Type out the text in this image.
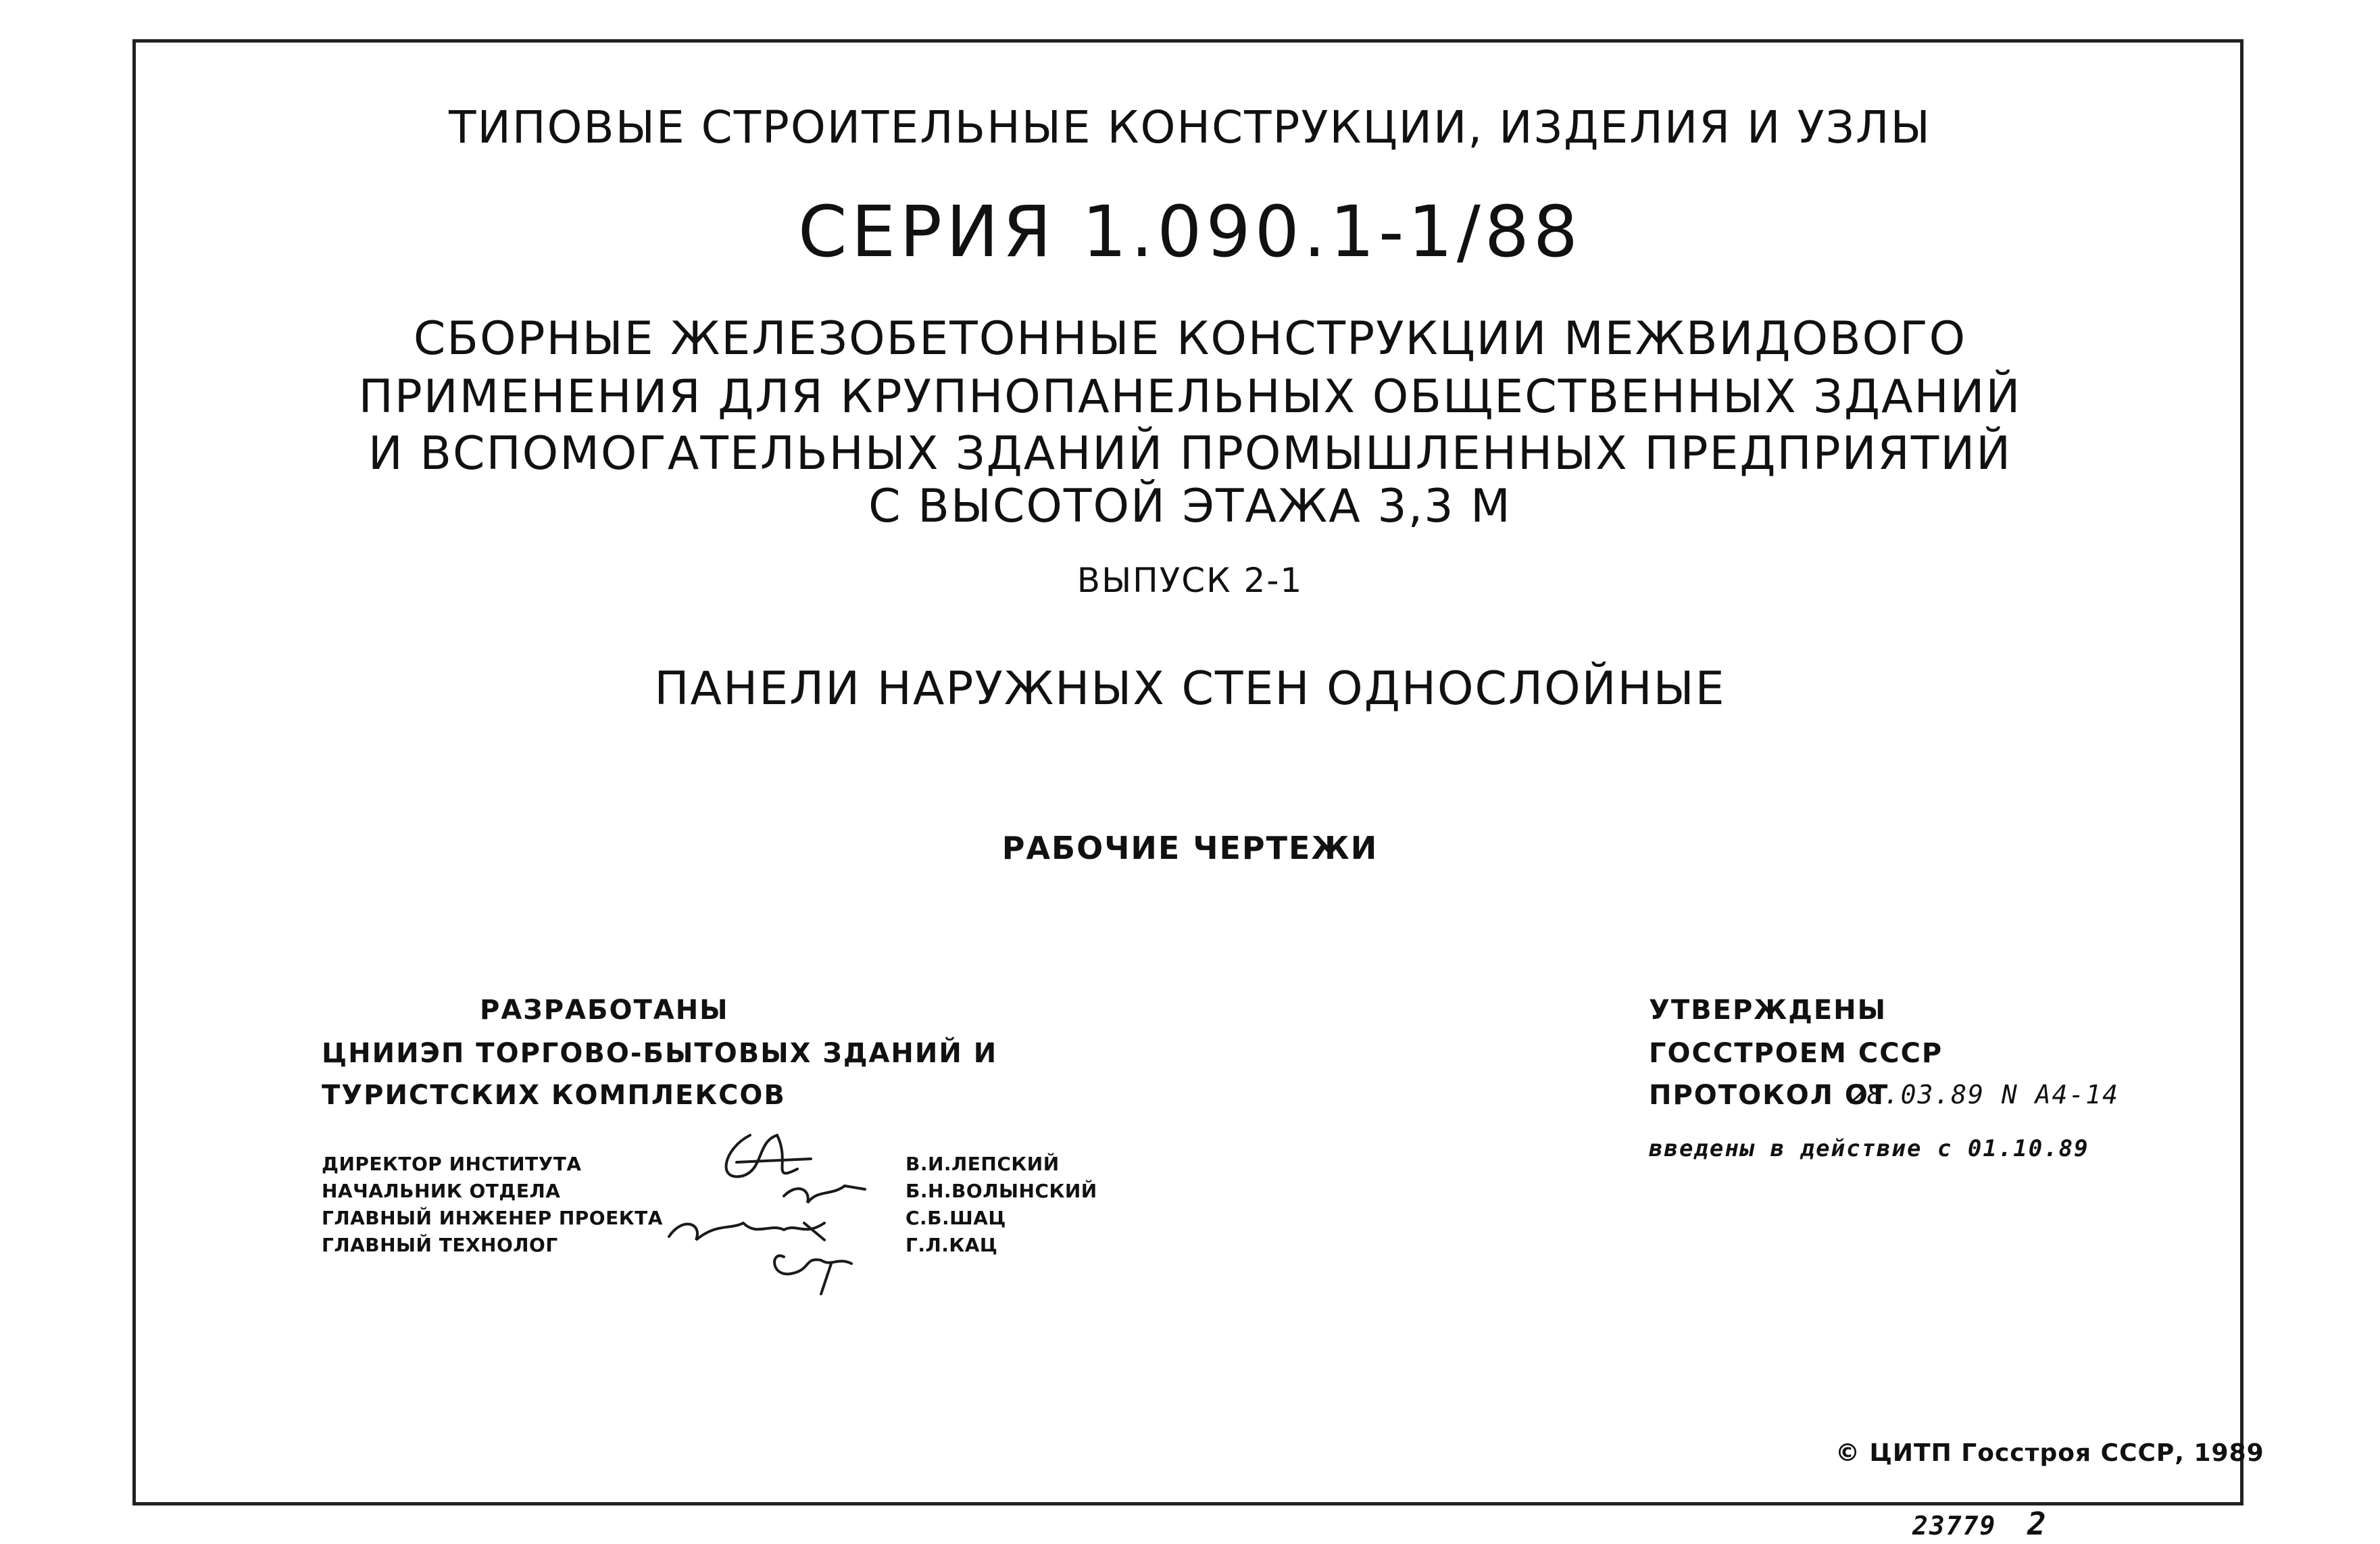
ТИПОВЫЕ СТРОИТЕЛЬНЫЕ КОНСТРУКЦИИ, ИЗДЕЛИЯ И УЗЛЫ
СЕРИЯ 1.090.1-1/88
СБОРНЫЕ ЖЕЛЕЗОБЕТОННЫЕ КОНСТРУКЦИИ МЕЖВИДОВОГО
ПРИМЕНЕНИЯ ДЛЯ КРУПНОПАНЕЛЬНЫХ ОБЩЕСТВЕННЫХ ЗДАНИЙ
И ВСПОМОГАТЕЛЬНЫХ ЗДАНИЙ ПРОМЫШЛЕННЫХ ПРЕДПРИЯТИЙ
С ВЫСОТОЙ ЭТАЖА 3,3 М
ВЫПУСК 2-1
ПАНЕЛИ НАРУЖНЫХ СТЕН ОДНОСЛОЙНЫЕ
РАБОЧИЕ ЧЕРТЕЖИ
РАЗРАБОТАНЫ
ЦНИИЭП ТОРГОВО-БЫТОВЫХ ЗДАНИЙ И
ТУРИСТСКИХ КОМПЛЕКСОВ
ДИРЕКТОР ИНСТИТУТА
НАЧАЛЬНИК ОТДЕЛА
ГЛАВНЫЙ ИНЖЕНЕР ПРОЕКТА
ГЛАВНЫЙ ТЕХНОЛОГ
В.И.ЛЕПСКИЙ
Б.Н.ВОЛЫНСКИЙ
С.Б.ШАЦ
Г.Л.КАЦ
УТВЕРЖДЕНЫ
ГОССТРОЕМ СССР
ПРОТОКОЛ ОТ
28.03.89 N А4-14
введены в действие с 01.10.89
© ЦИТП Госстроя СССР, 1989
23779 2
